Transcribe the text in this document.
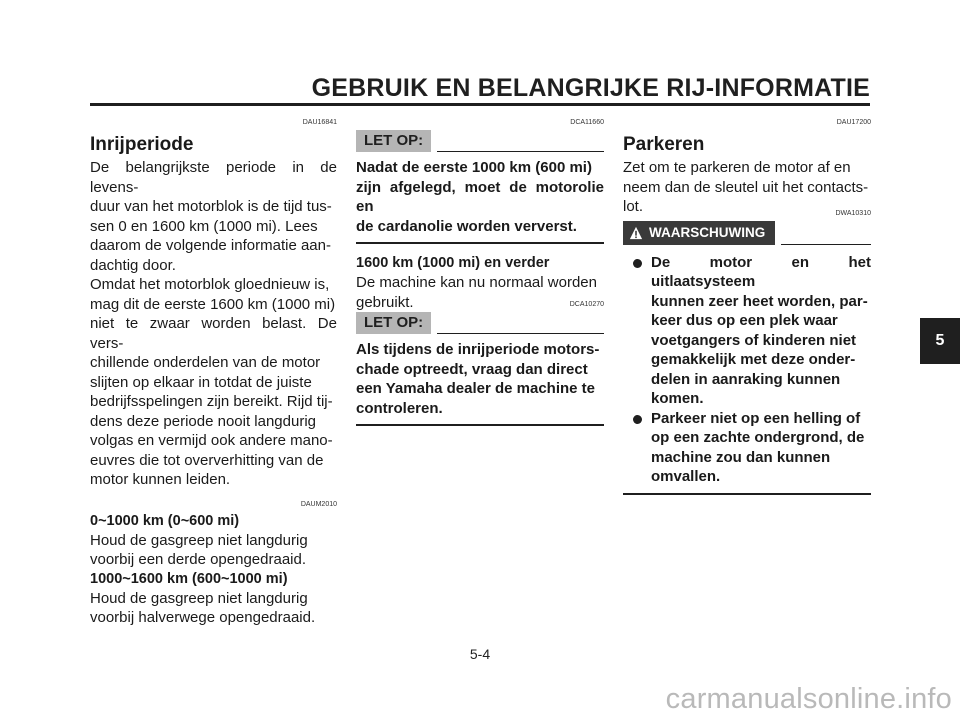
GEBRUIK EN BELANGRIJKE RIJ-INFORMATIE
5
DAU16841
Inrijperiode
De belangrijkste periode in de levens-
duur van het motorblok is de tijd tus-
sen 0 en 1600 km (1000 mi). Lees
daarom de volgende informatie aan-
dachtig door.
Omdat het motorblok gloednieuw is,
mag dit de eerste 1600 km (1000 mi)
niet te zwaar worden belast. De vers-
chillende onderdelen van de motor
slijten op elkaar in totdat de juiste
bedrijfsspelingen zijn bereikt. Rijd tij-
dens deze periode nooit langdurig
volgas en vermijd ook andere mano-
euvres die tot oververhitting van de
motor kunnen leiden.
DAUM2010
0~1000 km (0~600 mi)
Houd de gasgreep niet langdurig
voorbij een derde opengedraaid.
1000~1600 km (600~1000 mi)
Houd de gasgreep niet langdurig
voorbij halverwege opengedraaid.
DCA11660
LET OP:
Nadat de eerste 1000 km (600 mi)
zijn afgelegd, moet de motorolie en
de cardanolie worden ververst.
1600 km (1000 mi) en verder
De machine kan nu normaal worden
gebruikt.	DCA10270
LET OP:
Als tijdens de inrijperiode motors-
chade optreedt, vraag dan direct
een Yamaha dealer de machine te
controleren.
DAU17200
Parkeren
Zet om te parkeren de motor af en
neem dan de sleutel uit het contacts-
lot.	DWA10310
WAARSCHUWING
De motor en het uitlaatsysteem
kunnen zeer heet worden, par-
keer dus op een plek waar
voetgangers of kinderen niet
gemakkelijk met deze onder-
delen in aanraking kunnen
komen.
Parkeer niet op een helling of
op een zachte ondergrond, de
machine zou dan kunnen
omvallen.
5-4
carmanualsonline.info
